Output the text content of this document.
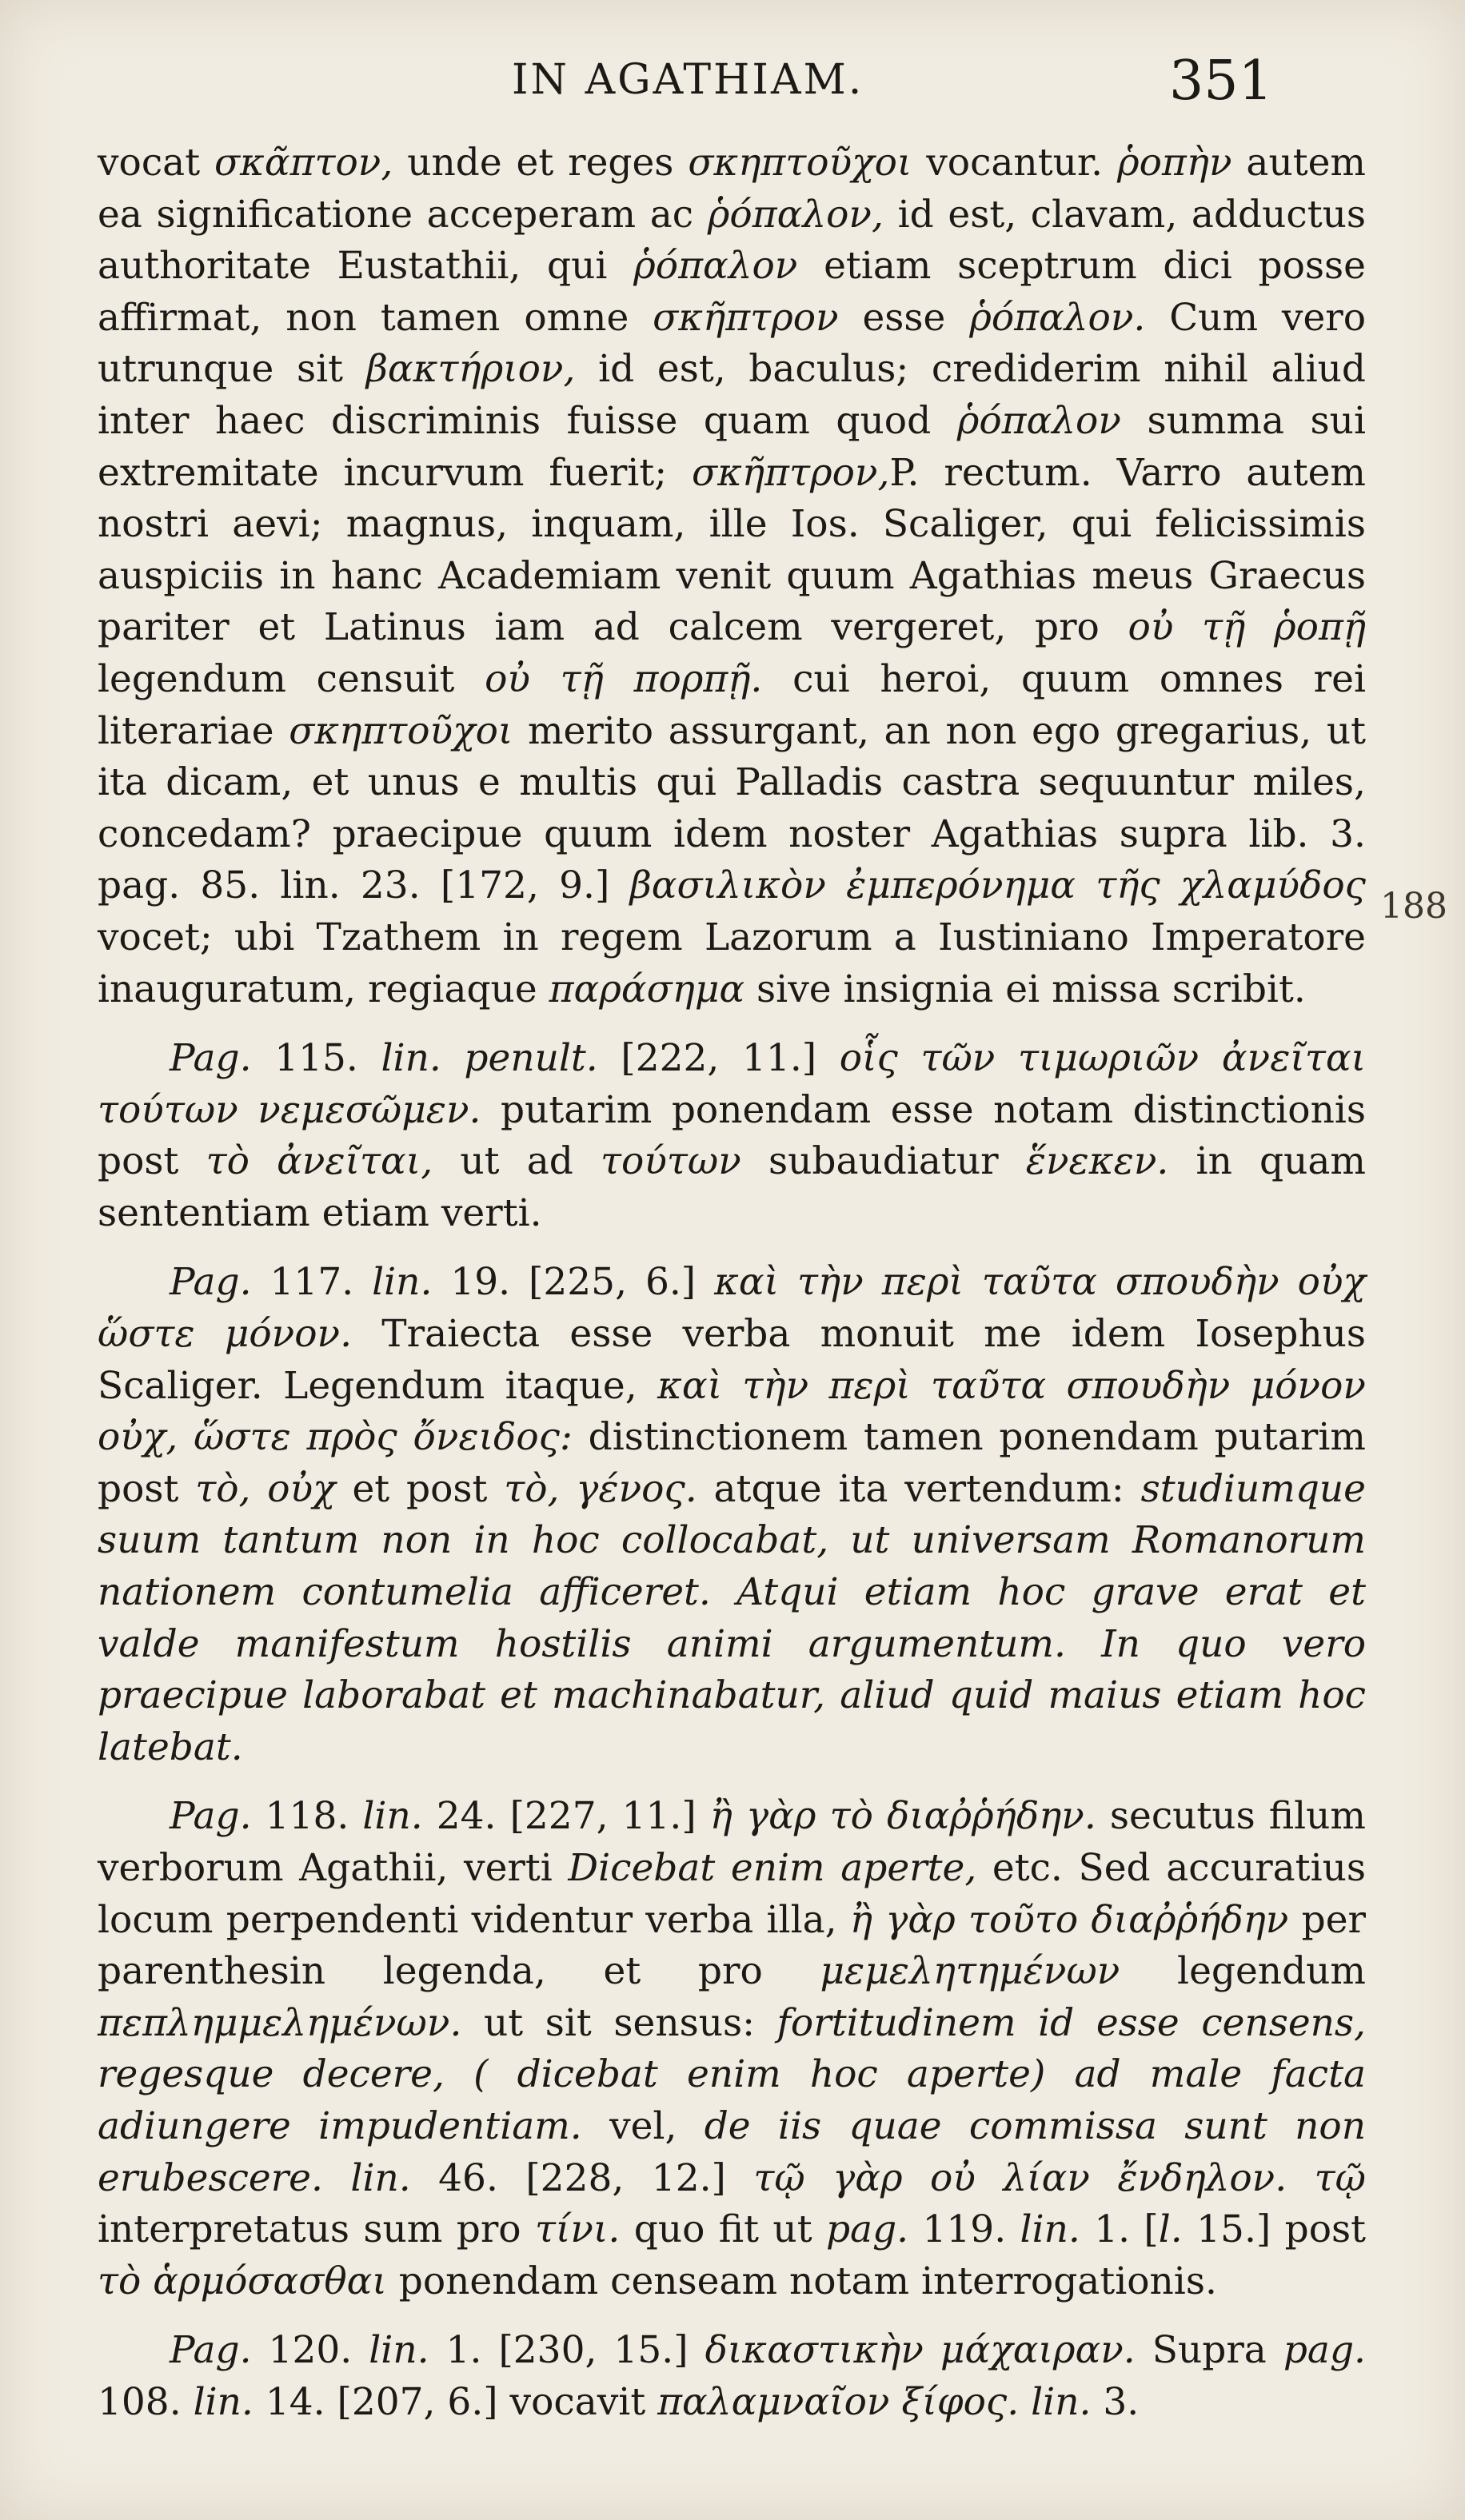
IN AGATHIAM.	351
188

vocat σκᾶπτον, unde et reges σκηπτοῦχοι vocantur. ῥοπὴν autem ea significatione acceperam ac ῥόπαλον, id est, clavam, adductus authoritate Eustathii, qui ῥόπαλον etiam sceptrum dici posse affirmat, non tamen omne σκῆπτρον esse ῥόπαλον. Cum vero utrunque sit βακτήριον, id est, baculus; crediderim nihil aliud inter haec discriminis fuisse quam quod ῥόπαλον summa sui extremitate incurvum fuerit; σκῆπτρον,P. rectum. Varro autem nostri aevi; magnus, inquam, ille Ios. Scaliger, qui felicissimis auspiciis in hanc Academiam venit quum Agathias meus Graecus pariter et Latinus iam ad calcem vergeret, pro οὐ τῇ ῥοπῇ legendum censuit οὐ τῇ πορπῇ. cui heroi, quum omnes rei literariae σκηπτοῦχοι merito assurgant, an non ego gregarius, ut ita dicam, et unus e multis qui Palladis castra sequuntur miles, concedam? praecipue quum idem noster Agathias supra lib. 3. pag. 85. lin. 23. [172, 9.] βασιλικὸν ἐμπερόνημα τῆς χλαμύδος vocet; ubi Tzathem in regem Lazorum a Iustiniano Imperatore inauguratum, regiaque παράσημα sive insignia ei missa scribit.

Pag. 115. lin. penult. [222, 11.] οἷς τῶν τιμωριῶν ἀνεῖται τούτων νεμεσῶμεν. putarim ponendam esse notam distinctionis post τὸ ἀνεῖται, ut ad τούτων subaudiatur ἕνεκεν. in quam sententiam etiam verti.

Pag. 117. lin. 19. [225, 6.] καὶ τὴν περὶ ταῦτα σπουδὴν οὐχ ὥστε μόνον. Traiecta esse verba monuit me idem Iosephus Scaliger. Legendum itaque, καὶ τὴν περὶ ταῦτα σπουδὴν μόνον οὐχ, ὥστε πρὸς ὄνειδος: distinctionem tamen ponendam putarim post τὸ, οὐχ et post τὸ, γένος. atque ita vertendum: studiumque suum tantum non in hoc collocabat, ut universam Romanorum nationem contumelia afficeret. Atqui etiam hoc grave erat et valde manifestum hostilis animi argumentum. In quo vero praecipue laborabat et machinabatur, aliud quid maius etiam hoc latebat.

Pag. 118. lin. 24. [227, 11.] ἢ γὰρ τὸ διαῤῥήδην. secutus filum verborum Agathii, verti Dicebat enim aperte, etc. Sed accuratius locum perpendenti videntur verba illa, ἢ γὰρ τοῦτο διαῤῥήδην per parenthesin legenda, et pro μεμελητημένων legendum πεπλημμελημένων. ut sit sensus: fortitudinem id esse censens, regesque decere, ( dicebat enim hoc aperte) ad male facta adiungere impudentiam. vel, de iis quae commissa sunt non erubescere. lin. 46. [228, 12.] τῷ γὰρ οὐ λίαν ἔνδηλον. τῷ interpretatus sum pro τίνι. quo fit ut pag. 119. lin. 1. [l. 15.] post τὸ ἁρμόσασθαι ponendam censeam notam interrogationis.

Pag. 120. lin. 1. [230, 15.] δικαστικὴν μάχαιραν. Supra pag. 108. lin. 14. [207, 6.] vocavit παλαμναῖον ξίφος. lin. 3.
